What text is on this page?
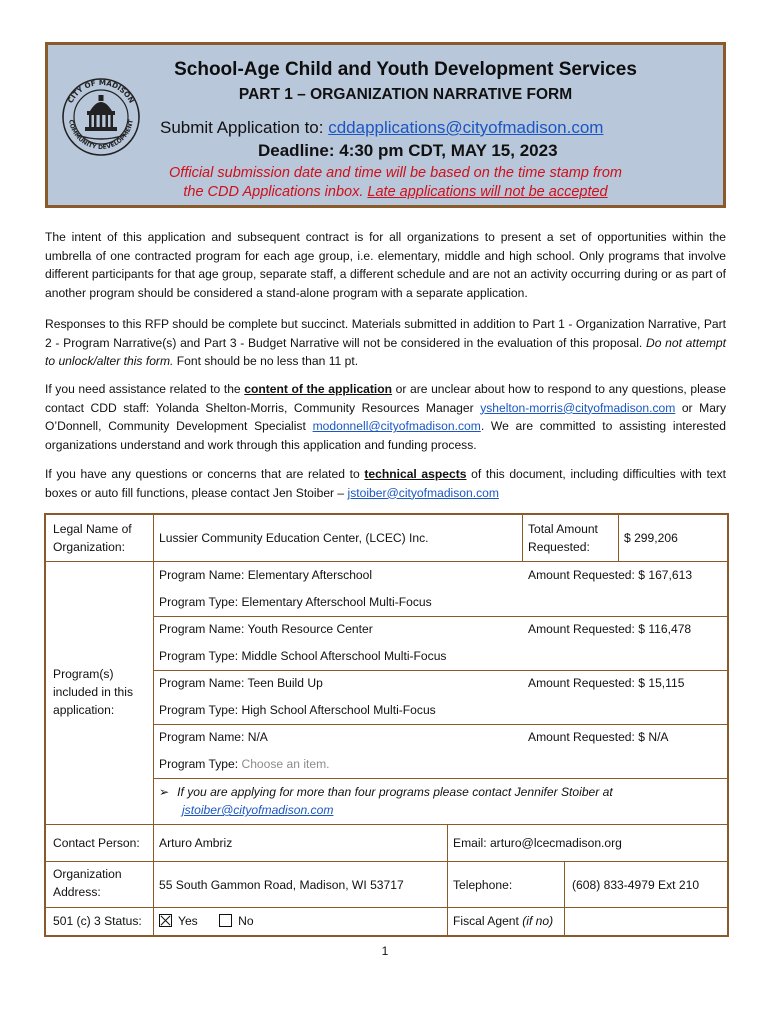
CITY OF MADISON
COMMUNITY DEVELOPMENT
School-Age Child and Youth Development Services
PART 1 – ORGANIZATION NARRATIVE FORM
Submit Application to: cddapplications@cityofmadison.com
Deadline: 4:30 pm CDT, MAY 15, 2023
Official submission date and time will be based on the time stamp from
the CDD Applications inbox. Late applications will not be accepted
The intent of this application and subsequent contract is for all organizations to present a set of opportunities within the umbrella of one contracted program for each age group, i.e. elementary, middle and high school. Only programs that involve different participants for that age group, separate staff, a different schedule and are not an activity occurring during or as part of another program should be considered a stand-alone program with a separate application.
Responses to this RFP should be complete but succinct. Materials submitted in addition to Part 1 - Organization Narrative, Part 2 - Program Narrative(s) and Part 3 - Budget Narrative will not be considered in the evaluation of this proposal. Do not attempt to unlock/alter this form. Font should be no less than 11 pt.
If you need assistance related to the content of the application or are unclear about how to respond to any questions, please contact CDD staff: Yolanda Shelton-Morris, Community Resources Manager yshelton-morris@cityofmadison.com or Mary O’Donnell, Community Development Specialist modonnell@cityofmadison.com. We are committed to assisting interested organizations understand and work through this application and funding process.
If you have any questions or concerns that are related to technical aspects of this document, including difficulties with text boxes or auto fill functions, please contact Jen Stoiber – jstoiber@cityofmadison.com
Legal Name of Organization:
Lussier Community Education Center, (LCEC) Inc.
Total Amount Requested:
$ 299,206
Program(s) included in this application:
Program Name: Elementary Afterschool	Amount Requested: $ 167,613
Program Type: Elementary Afterschool Multi-Focus
Program Name: Youth Resource Center	Amount Requested: $ 116,478
Program Type: Middle School Afterschool Multi-Focus
Program Name: Teen Build Up	Amount Requested: $ 15,115
Program Type: High School Afterschool Multi-Focus
Program Name: N/A	Amount Requested: $ N/A
Program Type: Choose an item.
➢ If you are applying for more than four programs please contact Jennifer Stoiber at
jstoiber@cityofmadison.com
Contact Person: Arturo Ambriz	Email: arturo@lcecmadison.org
Organization Address:	55 South Gammon Road, Madison, WI 53717	Telephone:	(608) 833-4979 Ext 210
501 (c) 3 Status:	Yes	No	Fiscal Agent (if no)
1
